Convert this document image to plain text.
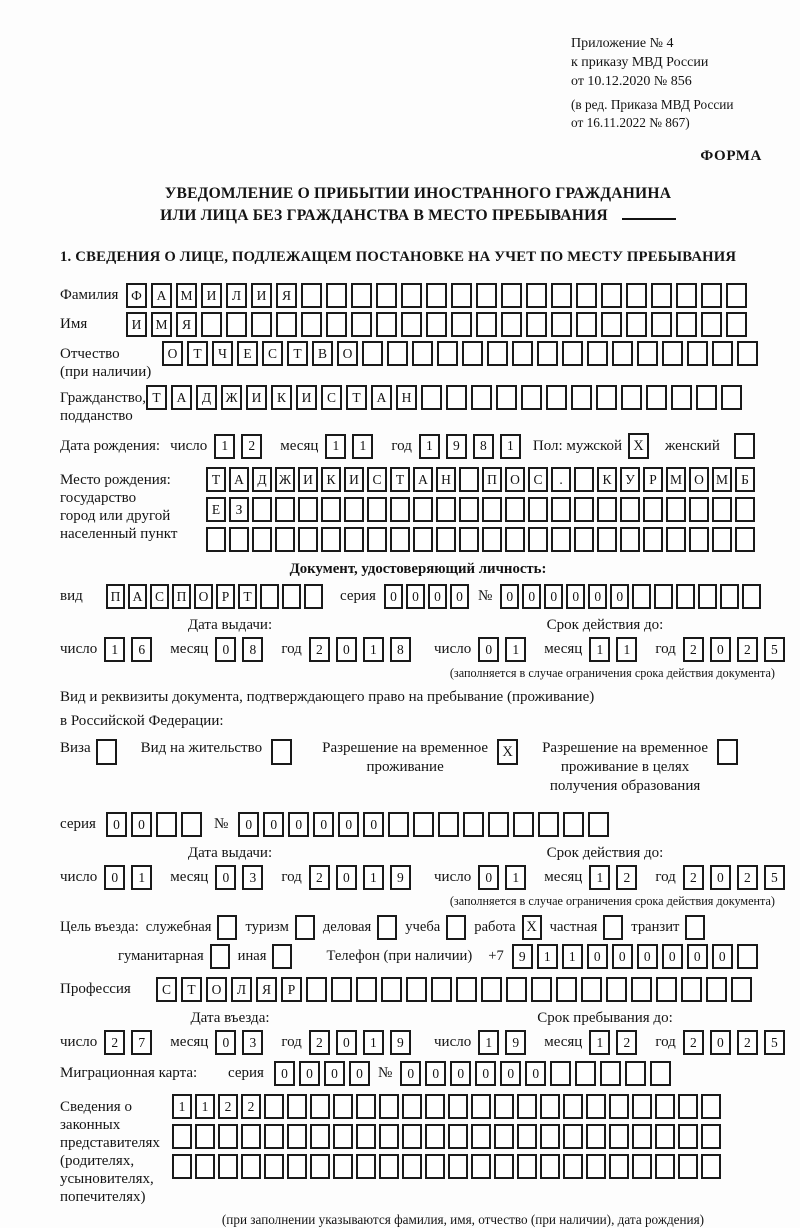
Приложение № 4
к приказу МВД России
от 10.12.2020 № 856
(в ред. Приказа МВД России
от 16.11.2022 № 867)
ФОРМА
УВЕДОМЛЕНИЕ О ПРИБЫТИИ ИНОСТРАННОГО ГРАЖДАНИНА
ИЛИ ЛИЦА БЕЗ ГРАЖДАНСТВА В МЕСТО ПРЕБЫВАНИЯ
1. СВЕДЕНИЯ О ЛИЦЕ, ПОДЛЕЖАЩЕМ ПОСТАНОВКЕ НА УЧЕТ ПО МЕСТУ ПРЕБЫВАНИЯ
Фамилия Ф	А	М	И	Л	И	Я
Имя	И	М	Я
Отчество
(при наличии)
О	Т	Ч	Е	С	Т	В	О
Гражданство,
подданство
Т	А	Д	Ж	И	К	И	С	Т	А	Н
Дата рождения: число	1	2	месяц	1	1	год	1	9	8	1	Пол: мужской X	женский
Место рождения:
государство
город или другой
населенный пункт
Т	А	Д Ж И	К	И	С	Т	А Н	П О	С	.	К	У	Р М О М Б
Е	З
Документ, удостоверяющий личность:
вид	П А С П О Р	Т	серия	0	0	0	0	№	0	0	0	0	0	0
Дата выдачи:	Срок действия до:
число	1	6	месяц	0	8	год	2	0	1	8	число	0	1	месяц	1	1	год	2	0	2	5
(заполняется в случае ограничения срока действия документа)
Вид и реквизиты документа, подтверждающего право на пребывание (проживание)
в Российской Федерации:
Виза	Вид на жительство	Разрешение на временное
проживание
X	Разрешение на временное
проживание в целях
получения образования
серия	0	0	№	0	0	0	0	0	0
Дата выдачи:	Срок действия до:
число	0	1	месяц	0	3	год	2	0	1	9	число	0	1	месяц	1	2	год	2	0	2	5
(заполняется в случае ограничения срока действия документа)
Цель въезда: служебная туризм деловая учеба работа X частная транзит
гуманитарная иная	Телефон (при наличии) +7	9	1	1	0	0	0	0	0	0
Профессия	С	Т	О	Л	Я	Р
Дата въезда:	Срок пребывания до:
число	2	7	месяц	0	3	год	2	0	1	9	число	1	9	месяц	1	2	год	2	0	2	5
Миграционная карта:	серия	0	0	0	0	№	0	0	0	0	0	0
Сведения о
законных
представителях
(родителях,
усыновителях,
попечителях)
1	1	2	2
(при заполнении указываются фамилия, имя, отчество (при наличии), дата рождения)
